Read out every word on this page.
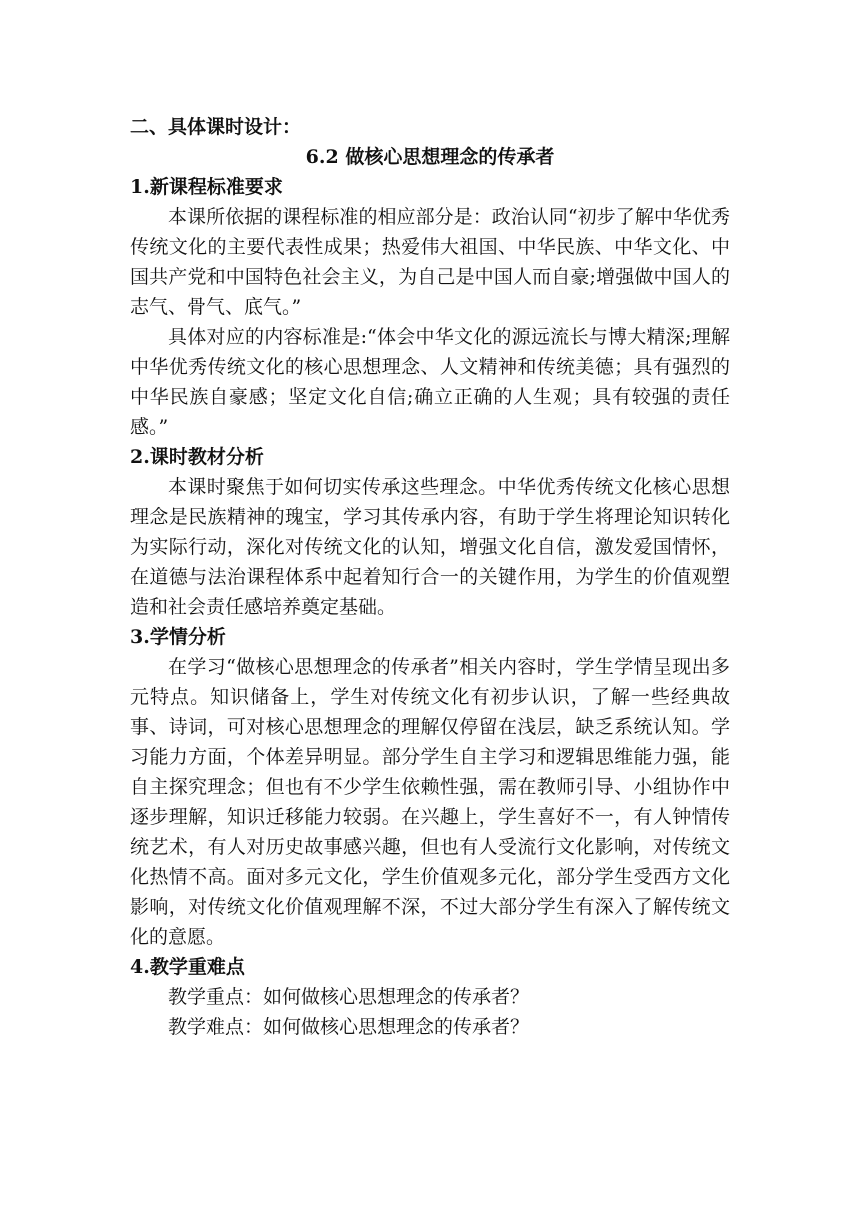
二、具体课时设计：
6.2 做核心思想理念的传承者
1.新课程标准要求

本课所依据的课程标准的相应部分是：政治认同“初步了解中华优秀传统文化的主要代表性成果；热爱伟大祖国、中华民族、中华文化、中国共产党和中国特色社会主义，为自己是中国人而自豪;增强做中国人的志气、骨气、底气。”

具体对应的内容标准是:“体会中华文化的源远流长与博大精深;理解中华优秀传统文化的核心思想理念、人文精神和传统美德；具有强烈的中华民族自豪感；坚定文化自信;确立正确的人生观；具有较强的责任感。”

2.课时教材分析

本课时聚焦于如何切实传承这些理念。中华优秀传统文化核心思想理念是民族精神的瑰宝，学习其传承内容，有助于学生将理论知识转化为实际行动，深化对传统文化的认知，增强文化自信，激发爱国情怀，在道德与法治课程体系中起着知行合一的关键作用，为学生的价值观塑造和社会责任感培养奠定基础。

3.学情分析

在学习“做核心思想理念的传承者”相关内容时，学生学情呈现出多元特点。知识储备上，学生对传统文化有初步认识，了解一些经典故事、诗词，可对核心思想理念的理解仅停留在浅层，缺乏系统认知。学习能力方面，个体差异明显。部分学生自主学习和逻辑思维能力强，能自主探究理念；但也有不少学生依赖性强，需在教师引导、小组协作中逐步理解，知识迁移能力较弱。在兴趣上，学生喜好不一，有人钟情传统艺术，有人对历史故事感兴趣，但也有人受流行文化影响，对传统文化热情不高。面对多元文化，学生价值观多元化，部分学生受西方文化影响，对传统文化价值观理解不深，不过大部分学生有深入了解传统文化的意愿。

4.教学重难点

教学重点：如何做核心思想理念的传承者？

教学难点：如何做核心思想理念的传承者？
